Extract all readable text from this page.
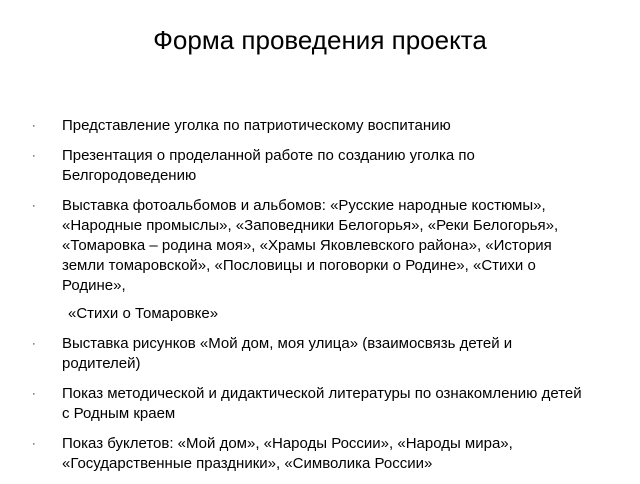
Форма проведения проекта
·	Представление уголка по патриотическому воспитанию
·	Презентация о проделанной работе по созданию уголка по Белгородоведению
·	Выставка фотоальбомов и альбомов: «Русские народные костюмы», «Народные промыслы», «Заповедники Белогорья», «Реки Белогорья», «Томаровка – родина моя», «Храмы Яковлевского района», «История земли томаровской», «Пословицы и поговорки о Родине», «Стихи о Родине»,
«Стихи о Томаровке»
·	Выставка рисунков «Мой дом, моя улица» (взаимосвязь детей и родителей)
·	Показ методической и дидактической литературы по ознакомлению детей с Родным краем
·	Показ буклетов: «Мой дом», «Народы России», «Народы мира», «Государственные праздники», «Символика России»
